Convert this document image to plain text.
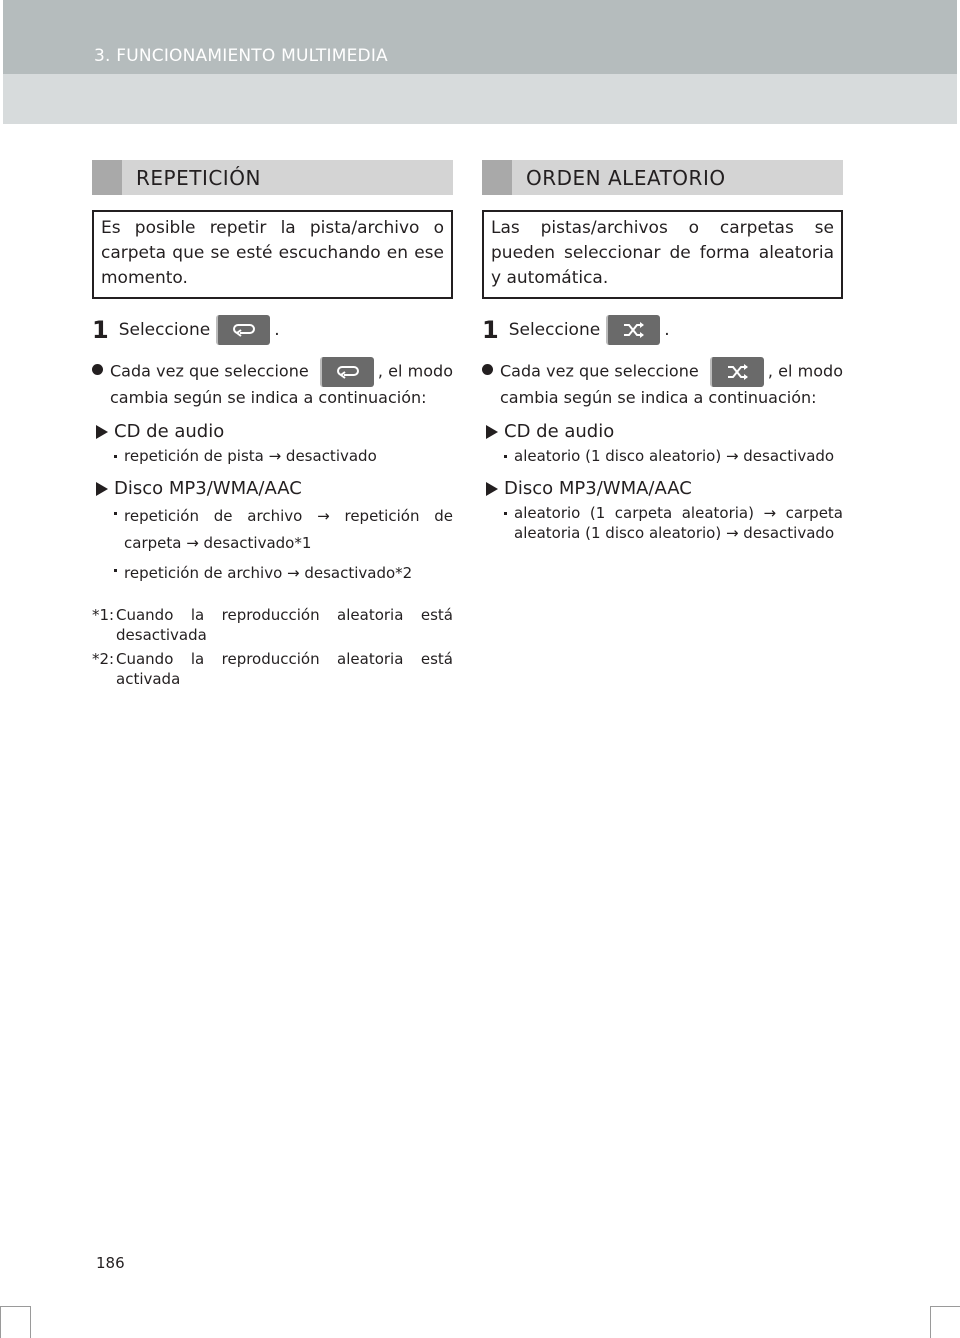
3. FUNCIONAMIENTO MULTIMEDIA
REPETICIÓN
Es posible repetir la pista/archivo o carpeta que se esté escuchando en ese momento.
1 Seleccione	.
Cada vez que seleccione	, el modo cambia según se indica a continuación:
CD de audio
repetición de pista → desactivado
Disco MP3/WMA/AAC
repetición de archivo → repetición de carpeta → desactivado*1
repetición de archivo → desactivado*2
*1: Cuando la reproducción aleatoria está desactivada
*2: Cuando la reproducción aleatoria está activada
ORDEN ALEATORIO
Las pistas/archivos o carpetas se pueden seleccionar de forma aleatoria y automática.
1 Seleccione	.
Cada vez que seleccione	, el modo cambia según se indica a continuación:
CD de audio
aleatorio (1 disco aleatorio) → desactivado
Disco MP3/WMA/AAC
aleatorio (1 carpeta aleatoria) → carpeta aleatoria (1 disco aleatorio) → desactivado
186
